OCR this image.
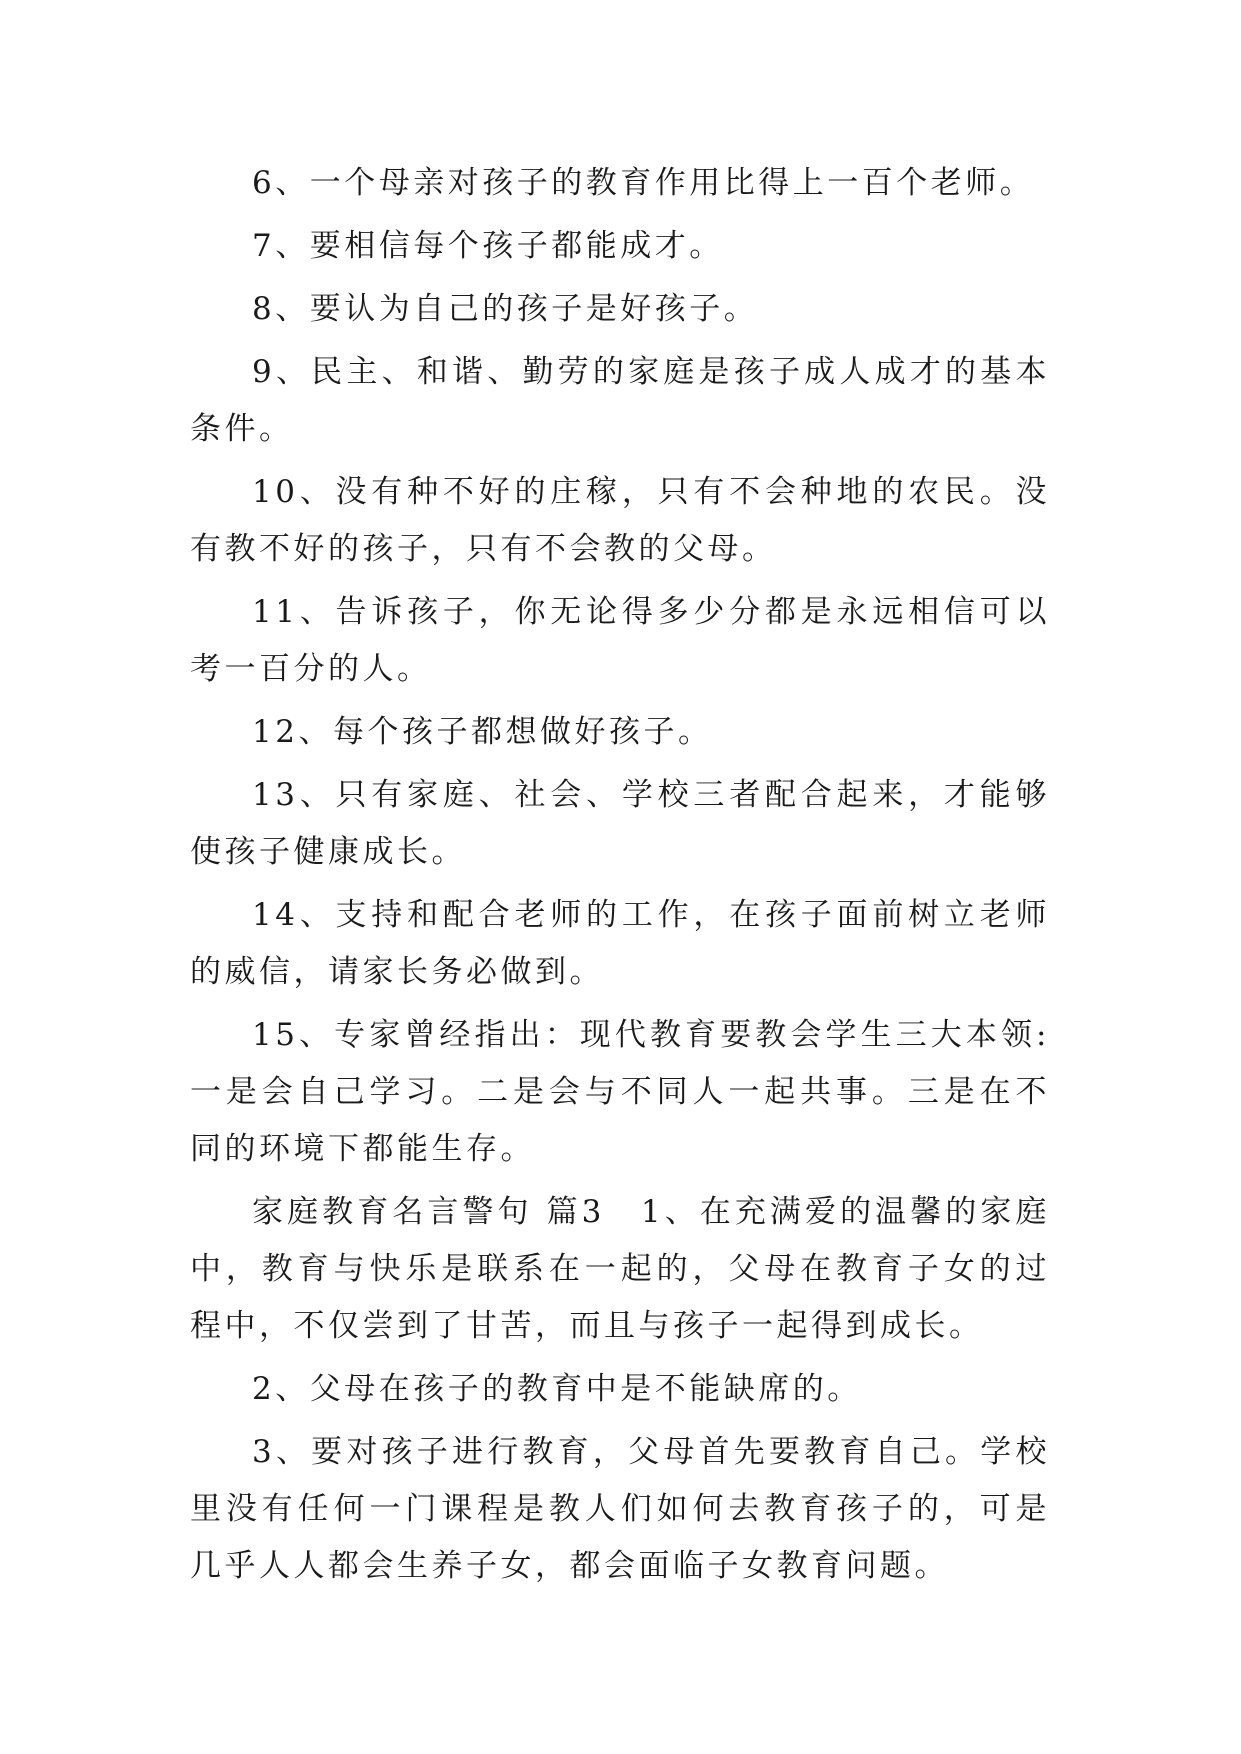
6、一个母亲对孩子的教育作用比得上一百个老师。

7、要相信每个孩子都能成才。

8、要认为自己的孩子是好孩子。

9、民主、和谐、勤劳的家庭是孩子成人成才的基本条件。

10、没有种不好的庄稼，只有不会种地的农民。没有教不好的孩子，只有不会教的父母。

11、告诉孩子，你无论得多少分都是永远相信可以考一百分的人。

12、每个孩子都想做好孩子。

13、只有家庭、社会、学校三者配合起来，才能够使孩子健康成长。

14、支持和配合老师的工作，在孩子面前树立老师的威信，请家长务必做到。

15、专家曾经指出：现代教育要教会学生三大本领:一是会自己学习。二是会与不同人一起共事。三是在不同的环境下都能生存。

家庭教育名言警句 篇3 1、在充满爱的温馨的家庭中，教育与快乐是联系在一起的，父母在教育子女的过程中，不仅尝到了甘苦，而且与孩子一起得到成长。

2、父母在孩子的教育中是不能缺席的。

3、要对孩子进行教育，父母首先要教育自己。学校里没有任何一门课程是教人们如何去教育孩子的，可是几乎人人都会生养子女，都会面临子女教育问题。
